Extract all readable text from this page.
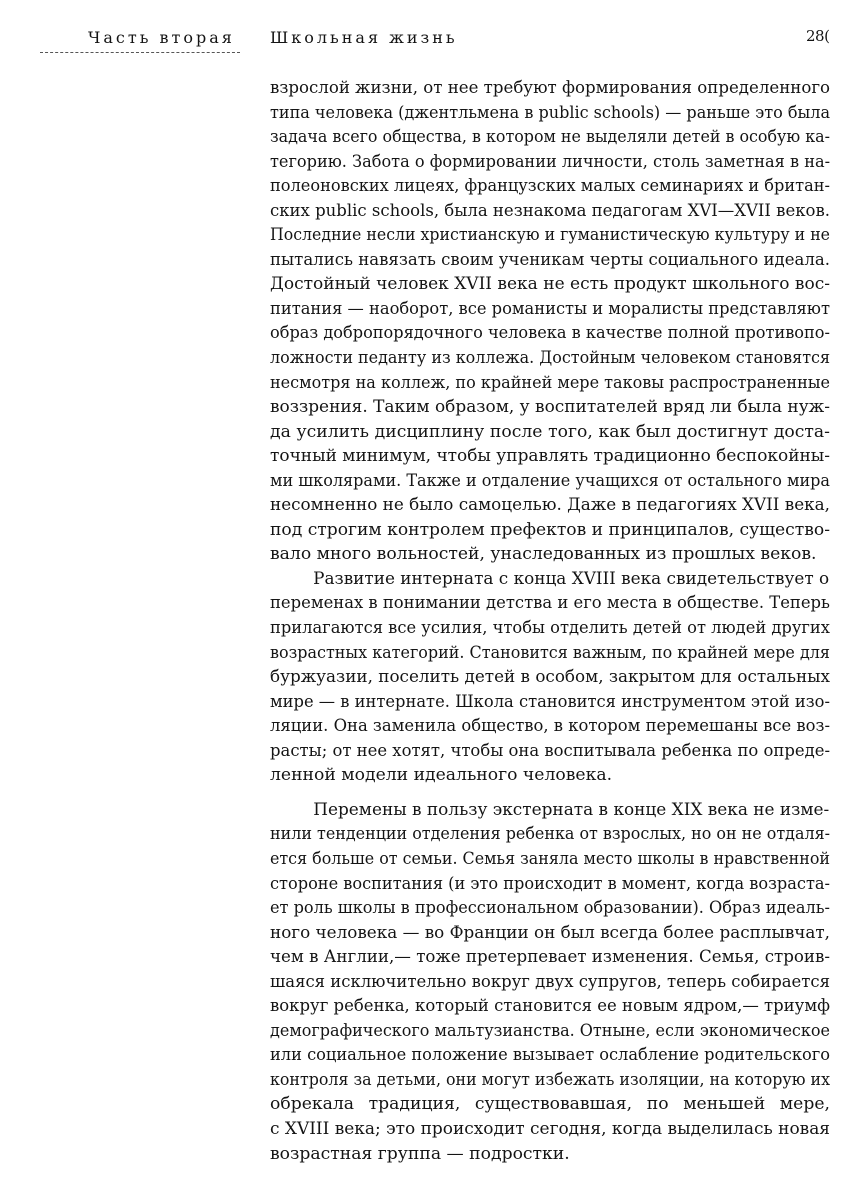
Часть вторая Школьная жизнь	28(
взрослой жизни, от нее требуют формирования определенного
типа человека (джентльмена в public schools) — раньше это была
задача всего общества, в котором не выделяли детей в особую ка-
тегорию. Забота о формировании личности, столь заметная в на-
полеоновских лицеях, французских малых семинариях и британ-
ских public schools, была незнакома педагогам XVI—XVII веков.
Последние несли христианскую и гуманистическую культуру и не
пытались навязать своим ученикам черты социального идеала.
Достойный человек XVII века не есть продукт школьного вос-
питания — наоборот, все романисты и моралисты представляют
образ добропорядочного человека в качестве полной противопо-
ложности педанту из коллежа. Достойным человеком становятся
несмотря на коллеж, по крайней мере таковы распространенные
воззрения. Таким образом, у воспитателей вряд ли была нуж-
да усилить дисциплину после того, как был достигнут доста-
точный минимум, чтобы управлять традиционно беспокойны-
ми школярами. Также и отдаление учащихся от остального мира
несомненно не было самоцелью. Даже в педагогиях XVII века,
под строгим контролем префектов и принципалов, существо-
вало много вольностей, унаследованных из прошлых веков.
Развитие интерната с конца XVIII века свидетельствует о
переменах в понимании детства и его места в обществе. Теперь
прилагаются все усилия, чтобы отделить детей от людей других
возрастных категорий. Становится важным, по крайней мере для
буржуазии, поселить детей в особом, закрытом для остальных
мире — в интернате. Школа становится инструментом этой изо-
ляции. Она заменила общество, в котором перемешаны все воз-
расты; от нее хотят, чтобы она воспитывала ребенка по опреде-
ленной модели идеального человека.
Перемены в пользу экстерната в конце XIX века не изме-
нили тенденции отделения ребенка от взрослых, но он не отдаля-
ется больше от семьи. Семья заняла место школы в нравственной
стороне воспитания (и это происходит в момент, когда возраста-
ет роль школы в профессиональном образовании). Образ идеаль-
ного человека — во Франции он был всегда более расплывчат,
чем в Англии,— тоже претерпевает изменения. Семья, строив-
шаяся исключительно вокруг двух супругов, теперь собирается
вокруг ребенка, который становится ее новым ядром,— триумф
демографического мальтузианства. Отныне, если экономическое
или социальное положение вызывает ослабление родительского
контроля за детьми, они могут избежать изоляции, на которую их
обрекала традиция, существовавшая, по меньшей мере,
с XVIII века; это происходит сегодня, когда выделилась новая
возрастная группа — подростки.
